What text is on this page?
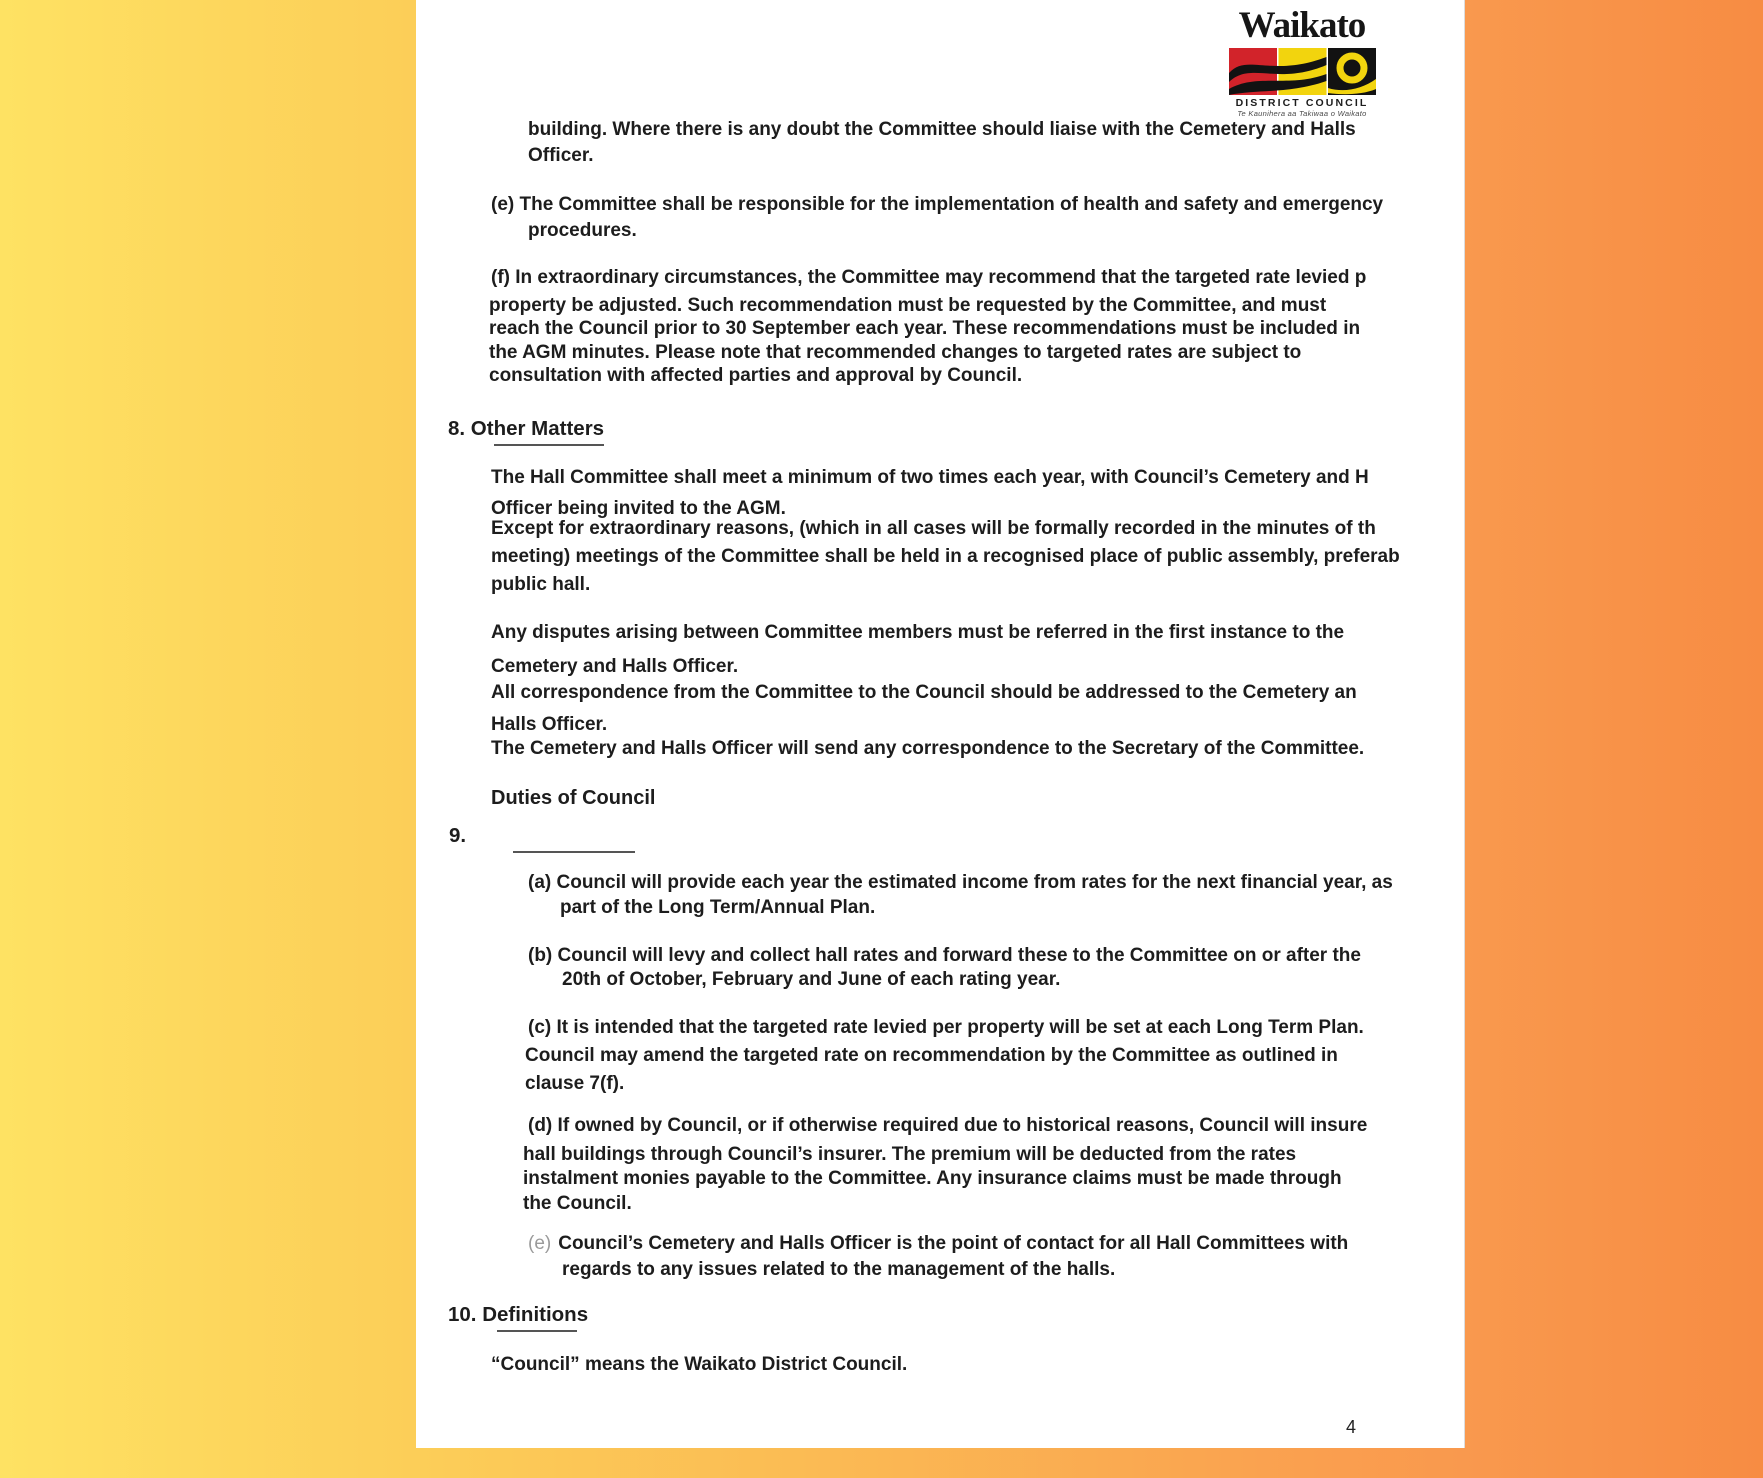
Waikato
DISTRICT COUNCIL
Te Kaunihera aa Takiwaa o Waikato
building. Where there is any doubt the Committee should liaise with the Cemetery and Halls
Officer.
(e) The Committee shall be responsible for the implementation of health and safety and emergency
procedures.
(f) In extraordinary circumstances, the Committee may recommend that the targeted rate levied p
property be adjusted. Such recommendation must be requested by the Committee, and must
reach the Council prior to 30 September each year. These recommendations must be included in
the AGM minutes. Please note that recommended changes to targeted rates are subject to
consultation with affected parties and approval by Council.
8. Other Matters
The Hall Committee shall meet a minimum of two times each year, with Council’s Cemetery and H
Officer being invited to the AGM.
Except for extraordinary reasons, (which in all cases will be formally recorded in the minutes of th
meeting) meetings of the Committee shall be held in a recognised place of public assembly, preferab
public hall.
Any disputes arising between Committee members must be referred in the first instance to the
Cemetery and Halls Officer.
All correspondence from the Committee to the Council should be addressed to the Cemetery an
Halls Officer.
The Cemetery and Halls Officer will send any correspondence to the Secretary of the Committee.
Duties of Council
9.
(a) Council will provide each year the estimated income from rates for the next financial year, as
part of the Long Term/Annual Plan.
(b) Council will levy and collect hall rates and forward these to the Committee on or after the
20th of October, February and June of each rating year.
(c) It is intended that the targeted rate levied per property will be set at each Long Term Plan.
Council may amend the targeted rate on recommendation by the Committee as outlined in
clause 7(f).
(d) If owned by Council, or if otherwise required due to historical reasons, Council will insure
hall buildings through Council’s insurer. The premium will be deducted from the rates
instalment monies payable to the Committee. Any insurance claims must be made through
the Council.
(e) Council’s Cemetery and Halls Officer is the point of contact for all Hall Committees with
regards to any issues related to the management of the halls.
10. Definitions
“Council” means the Waikato District Council.
4
